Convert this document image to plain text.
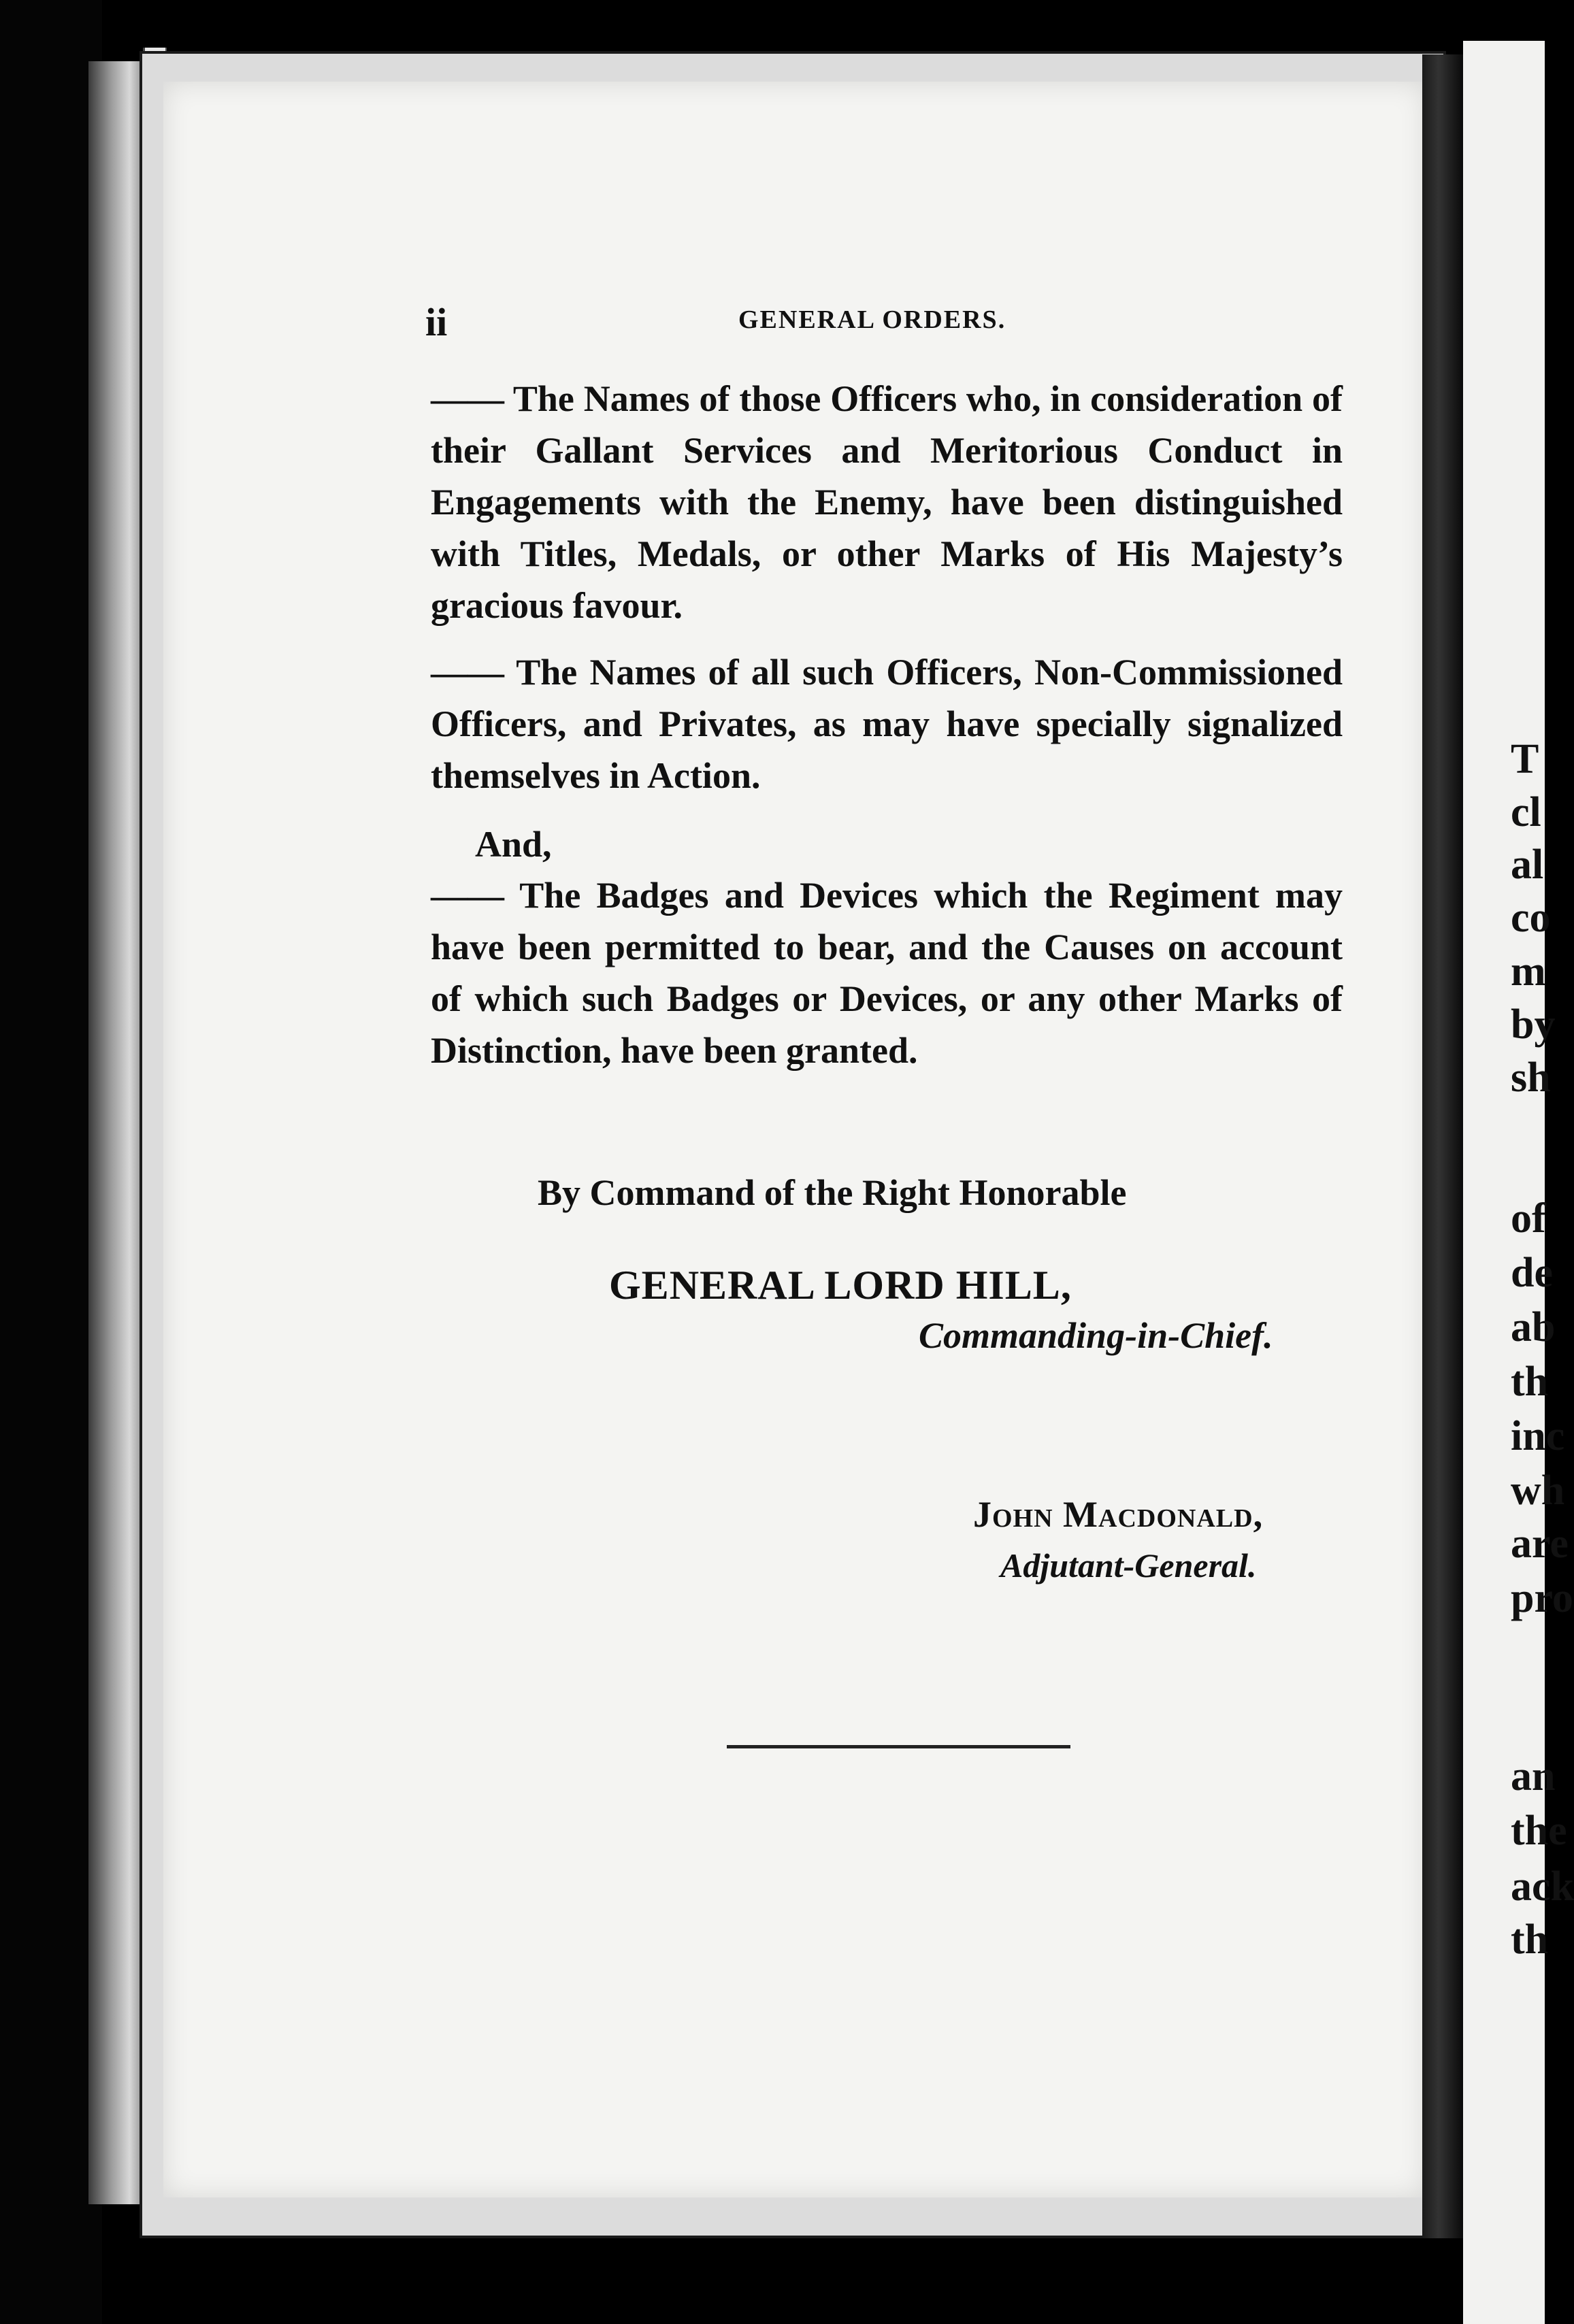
T
cl
al
co
m
by
sh
of
de
ab
th
inc
wh
are
pro
an
the
ack
th
ii	GENERAL ORDERS.
—— The Names of those Officers who, in consideration of their Gallant Services and Meritorious Conduct in Engagements with the Enemy, have been distinguished with Titles, Medals, or other Marks of His Majesty’s gracious favour.
—— The Names of all such Officers, Non-Commissioned Officers, and Privates, as may have specially signalized themselves in Action.
And,
—— The Badges and Devices which the Regiment may have been permitted to bear, and the Causes on account of which such Badges or Devices, or any other Marks of Distinction, have been granted.
By Command of the Right Honorable
GENERAL LORD HILL,
Commanding-in-Chief.
John Macdonald,
Adjutant-General.
